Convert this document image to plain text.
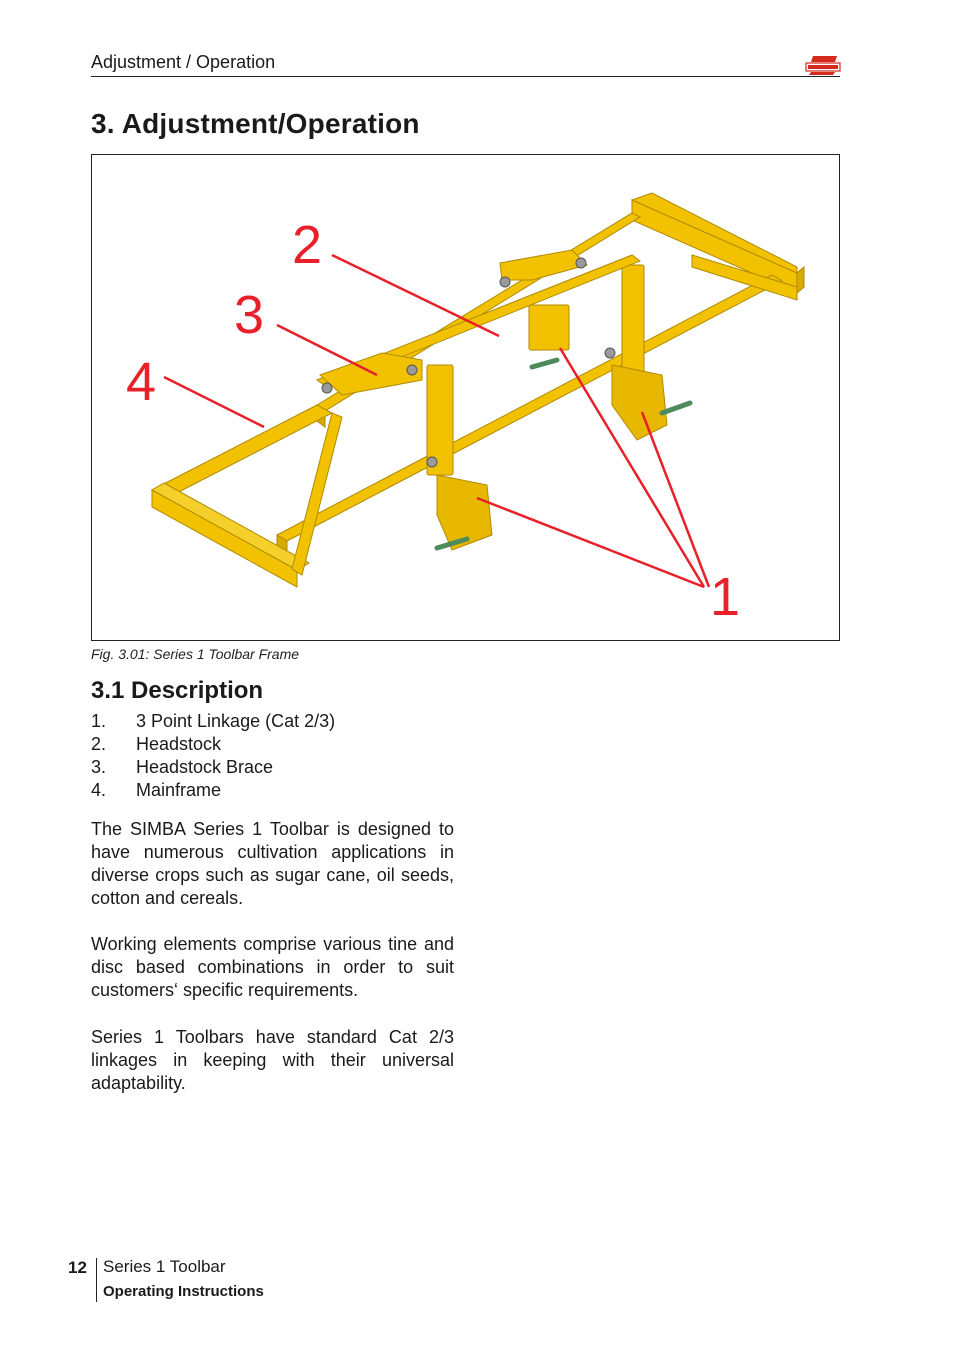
Adjustment / Operation
3. Adjustment/Operation
1
2
3
4
Fig. 3.01: Series 1 Toolbar Frame
3.1 Description
1. 3 Point Linkage (Cat 2/3)
2. Headstock
3. Headstock Brace
4. Mainframe

The SIMBA Series 1 Toolbar is designed to have numerous cultivation applications in diverse crops such as sugar cane, oil seeds, cotton and cereals.

Working elements comprise various tine and disc based combinations in order to suit customers‘ specific requirements.

Series 1 Toolbars have standard Cat 2/3 linkages in keeping with their universal adaptability.

12 Series 1 Toolbar
Operating Instructions
